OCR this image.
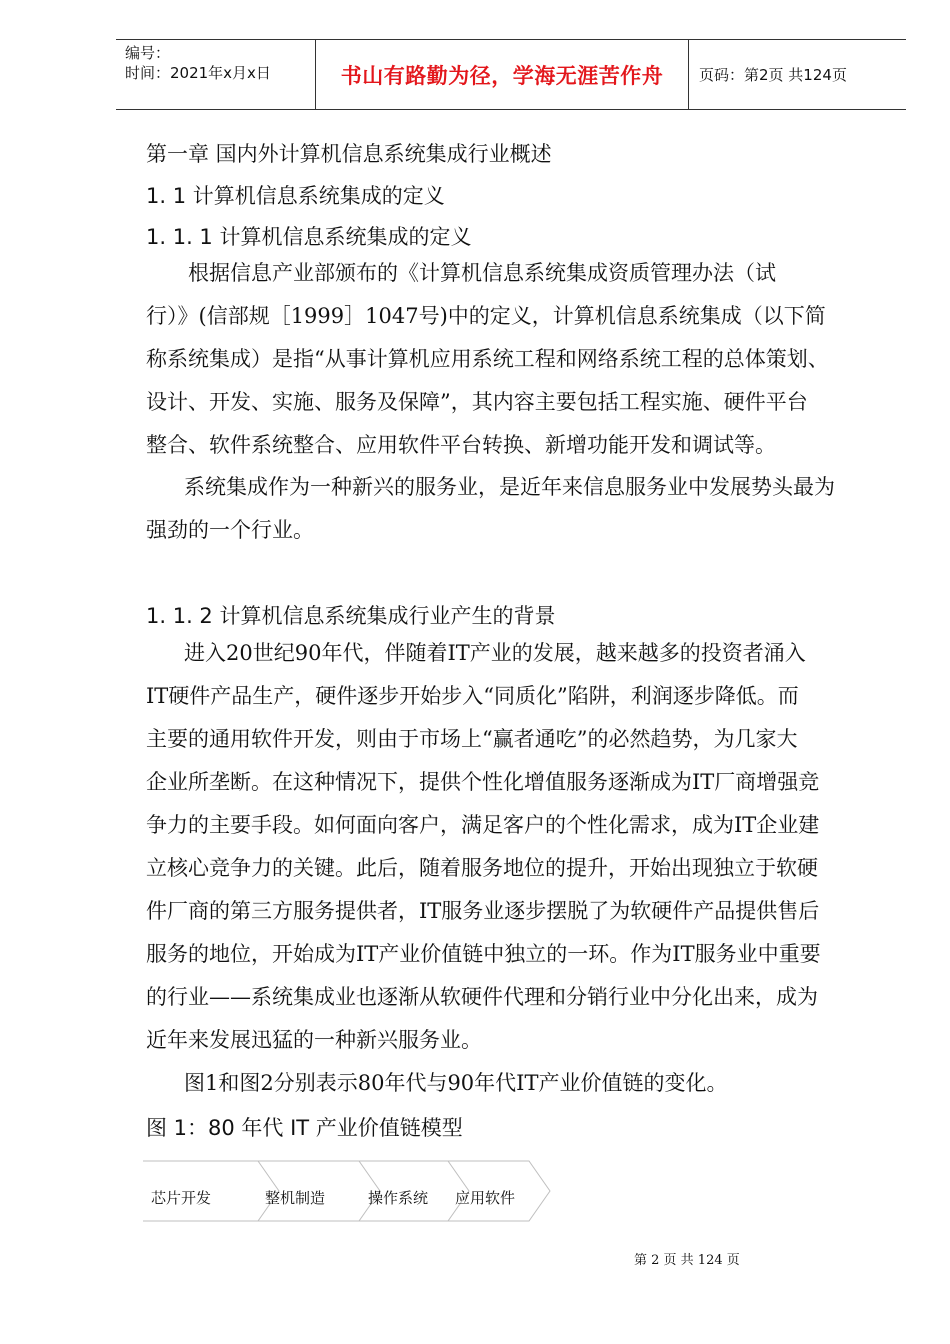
编号：
时间：2021年x月x日	书山有路勤为径，学海无涯苦作舟	页码：第2页 共124页
第一章 国内外计算机信息系统集成行业概述
1. 1 计算机信息系统集成的定义
1. 1. 1 计算机信息系统集成的定义
根据信息产业部颁布的《计算机信息系统集成资质管理办法（试
行）》(信部规［1999］1047号)中的定义，计算机信息系统集成（以下简
称系统集成）是指“从事计算机应用系统工程和网络系统工程的总体策划、
设计、开发、实施、服务及保障”，其内容主要包括工程实施、硬件平台
整合、软件系统整合、应用软件平台转换、新增功能开发和调试等。
系统集成作为一种新兴的服务业，是近年来信息服务业中发展势头最为
强劲的一个行业。
1. 1. 2 计算机信息系统集成行业产生的背景
进入20世纪90年代，伴随着IT产业的发展，越来越多的投资者涌入
IT硬件产品生产，硬件逐步开始步入“同质化”陷阱，利润逐步降低。而
主要的通用软件开发，则由于市场上“赢者通吃”的必然趋势，为几家大
企业所垄断。在这种情况下，提供个性化增值服务逐渐成为IT厂商增强竞
争力的主要手段。如何面向客户，满足客户的个性化需求，成为IT企业建
立核心竞争力的关键。此后，随着服务地位的提升，开始出现独立于软硬
件厂商的第三方服务提供者，IT服务业逐步摆脱了为软硬件产品提供售后
服务的地位，开始成为IT产业价值链中独立的一环。作为IT服务业中重要
的行业——系统集成业也逐渐从软硬件代理和分销行业中分化出来，成为
近年来发展迅猛的一种新兴服务业。
图1和图2分别表示80年代与90年代IT产业价值链的变化。
图 1：80 年代 IT 产业价值链模型
芯片开发	整机制造	操作系统 应用软件
第 2 页 共 124 页
